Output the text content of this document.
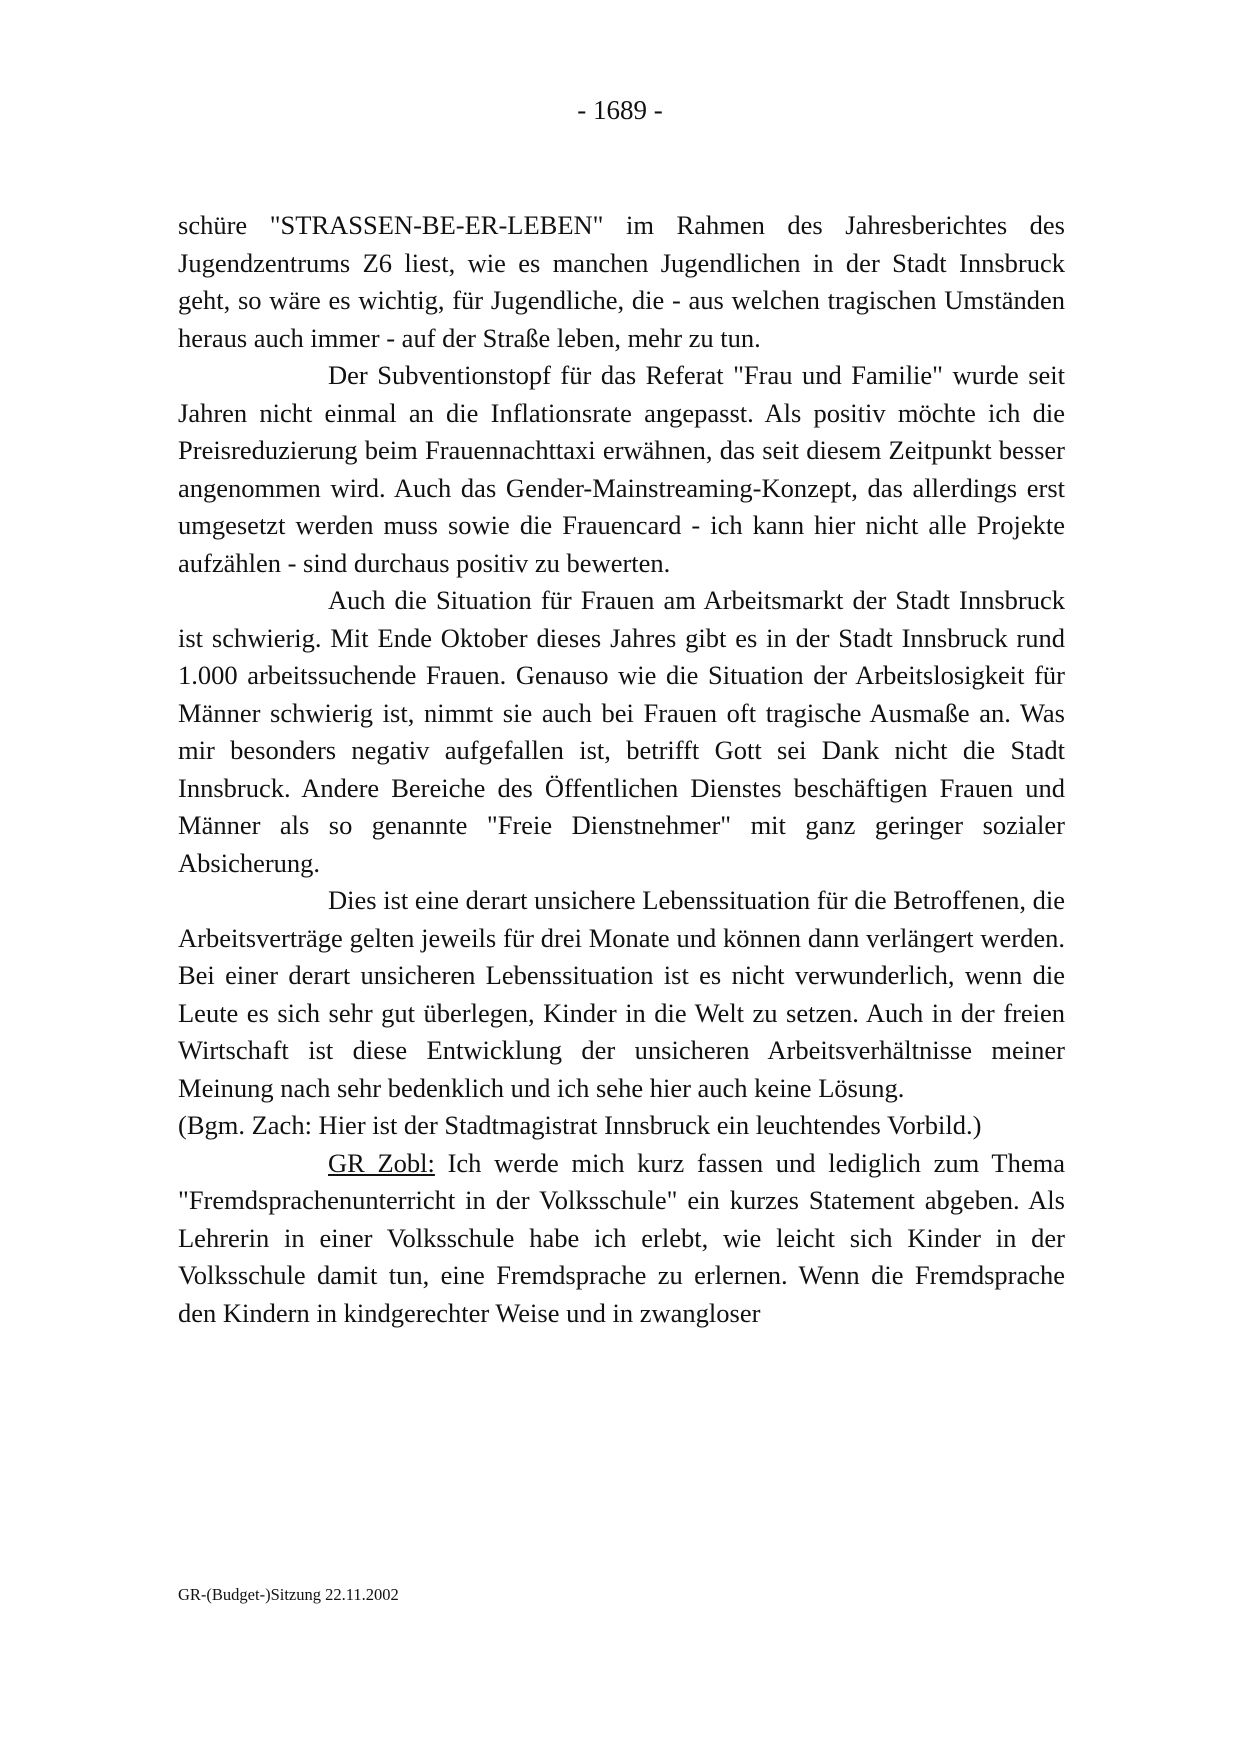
- 1689 -

schüre "STRASSEN-BE-ER-LEBEN" im Rahmen des Jahresberichtes des Jugendzentrums Z6 liest, wie es manchen Jugendlichen in der Stadt Innsbruck geht, so wäre es wichtig, für Jugendliche, die - aus welchen tragischen Umständen heraus auch immer - auf der Straße leben, mehr zu tun.

Der Subventionstopf für das Referat "Frau und Familie" wurde seit Jahren nicht einmal an die Inflationsrate angepasst. Als positiv möchte ich die Preisreduzierung beim Frauennachttaxi erwähnen, das seit diesem Zeitpunkt besser angenommen wird. Auch das Gender-Mainstreaming-Konzept, das allerdings erst umgesetzt werden muss sowie die Frauencard - ich kann hier nicht alle Projekte aufzählen - sind durchaus positiv zu bewerten.

Auch die Situation für Frauen am Arbeitsmarkt der Stadt Innsbruck ist schwierig. Mit Ende Oktober dieses Jahres gibt es in der Stadt Innsbruck rund 1.000 arbeitssuchende Frauen. Genauso wie die Situation der Arbeitslosigkeit für Männer schwierig ist, nimmt sie auch bei Frauen oft tragische Ausmaße an. Was mir besonders negativ aufgefallen ist, betrifft Gott sei Dank nicht die Stadt Innsbruck. Andere Bereiche des Öffentlichen Dienstes beschäftigen Frauen und Männer als so genannte "Freie Dienstnehmer" mit ganz geringer sozialer Absicherung.

Dies ist eine derart unsichere Lebenssituation für die Betroffenen, die Arbeitsverträge gelten jeweils für drei Monate und können dann verlängert werden. Bei einer derart unsicheren Lebenssituation ist es nicht verwunderlich, wenn die Leute es sich sehr gut überlegen, Kinder in die Welt zu setzen. Auch in der freien Wirtschaft ist diese Entwicklung der unsicheren Arbeitsverhältnisse meiner Meinung nach sehr bedenklich und ich sehe hier auch keine Lösung.

(Bgm. Zach: Hier ist der Stadtmagistrat Innsbruck ein leuchtendes Vorbild.)

GR Zobl: Ich werde mich kurz fassen und lediglich zum Thema "Fremdsprachenunterricht in der Volksschule" ein kurzes Statement abgeben. Als Lehrerin in einer Volksschule habe ich erlebt, wie leicht sich Kinder in der Volksschule damit tun, eine Fremdsprache zu erlernen. Wenn die Fremdsprache den Kindern in kindgerechter Weise und in zwangloser

GR-(Budget-)Sitzung 22.11.2002
